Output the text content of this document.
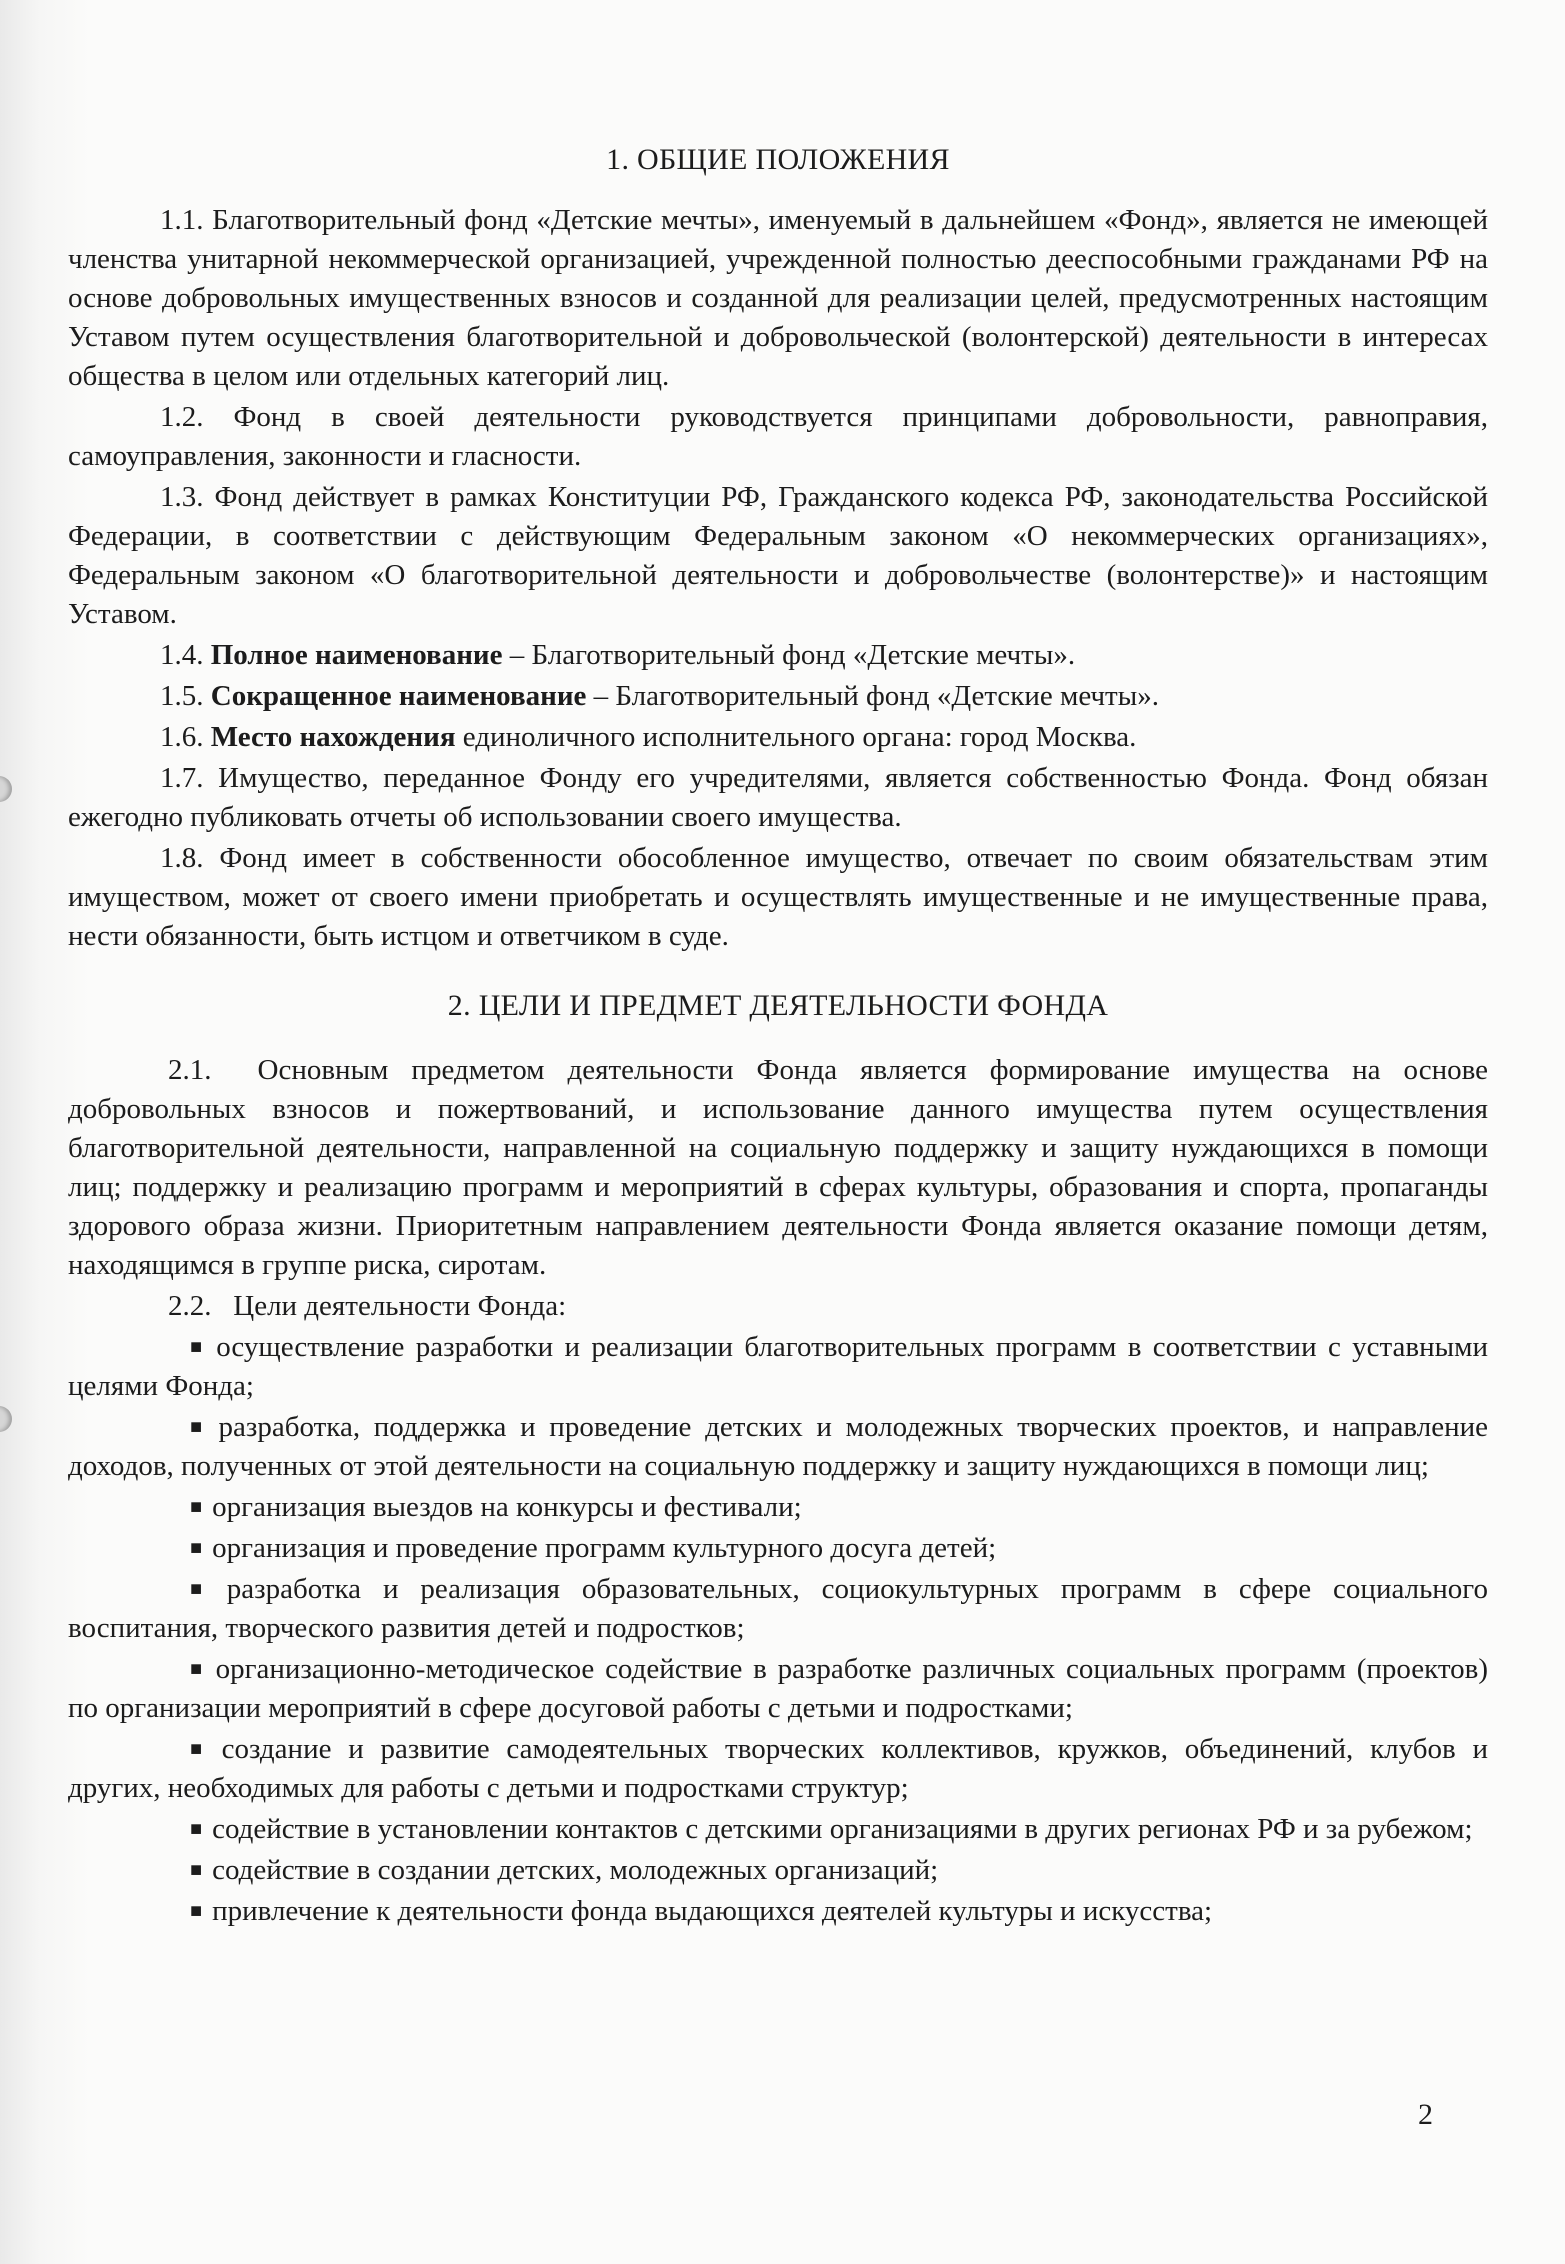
1. ОБЩИЕ ПОЛОЖЕНИЯ

1.1. Благотворительный фонд «Детские мечты», именуемый в дальнейшем «Фонд», является не имеющей членства унитарной некоммерческой организацией, учрежденной полностью дееспособными гражданами РФ на основе добровольных имущественных взносов и созданной для реализации целей, предусмотренных настоящим Уставом путем осуществления благотворительной и добровольческой (волонтерской) деятельности в интересах общества в целом или отдельных категорий лиц.

1.2. Фонд в своей деятельности руководствуется принципами добровольности, равноправия, самоуправления, законности и гласности.

1.3. Фонд действует в рамках Конституции РФ, Гражданского кодекса РФ, законодательства Российской Федерации, в соответствии с действующим Федеральным законом «О некоммерческих организациях», Федеральным законом «О благотворительной деятельности и добровольчестве (волонтерстве)» и настоящим Уставом.

1.4. Полное наименование – Благотворительный фонд «Детские мечты».

1.5. Сокращенное наименование – Благотворительный фонд «Детские мечты».

1.6. Место нахождения единоличного исполнительного органа: город Москва.

1.7. Имущество, переданное Фонду его учредителями, является собственностью Фонда. Фонд обязан ежегодно публиковать отчеты об использовании своего имущества.

1.8. Фонд имеет в собственности обособленное имущество, отвечает по своим обязательствам этим имуществом, может от своего имени приобретать и осуществлять имущественные и не имущественные права, нести обязанности, быть истцом и ответчиком в суде.

2. ЦЕЛИ И ПРЕДМЕТ ДЕЯТЕЛЬНОСТИ ФОНДА

2.1. Основным предметом деятельности Фонда является формирование имущества на основе добровольных взносов и пожертвований, и использование данного имущества путем осуществления благотворительной деятельности, направленной на социальную поддержку и защиту нуждающихся в помощи лиц; поддержку и реализацию программ и мероприятий в сферах культуры, образования и спорта, пропаганды здорового образа жизни. Приоритетным направлением деятельности Фонда является оказание помощи детям, находящимся в группе риска, сиротам.

2.2. Цели деятельности Фонда:

■ осуществление разработки и реализации благотворительных программ в соответствии с уставными целями Фонда;

■ разработка, поддержка и проведение детских и молодежных творческих проектов, и направление доходов, полученных от этой деятельности на социальную поддержку и защиту нуждающихся в помощи лиц;

■ организация выездов на конкурсы и фестивали;

■ организация и проведение программ культурного досуга детей;

■ разработка и реализация образовательных, социокультурных программ в сфере социального воспитания, творческого развития детей и подростков;

■ организационно-методическое содействие в разработке различных социальных программ (проектов) по организации мероприятий в сфере досуговой работы с детьми и подростками;

■ создание и развитие самодеятельных творческих коллективов, кружков, объединений, клубов и других, необходимых для работы с детьми и подростками структур;

■ содействие в установлении контактов с детскими организациями в других регионах РФ и за рубежом;

■ содействие в создании детских, молодежных организаций;

■ привлечение к деятельности фонда выдающихся деятелей культуры и искусства;

2
